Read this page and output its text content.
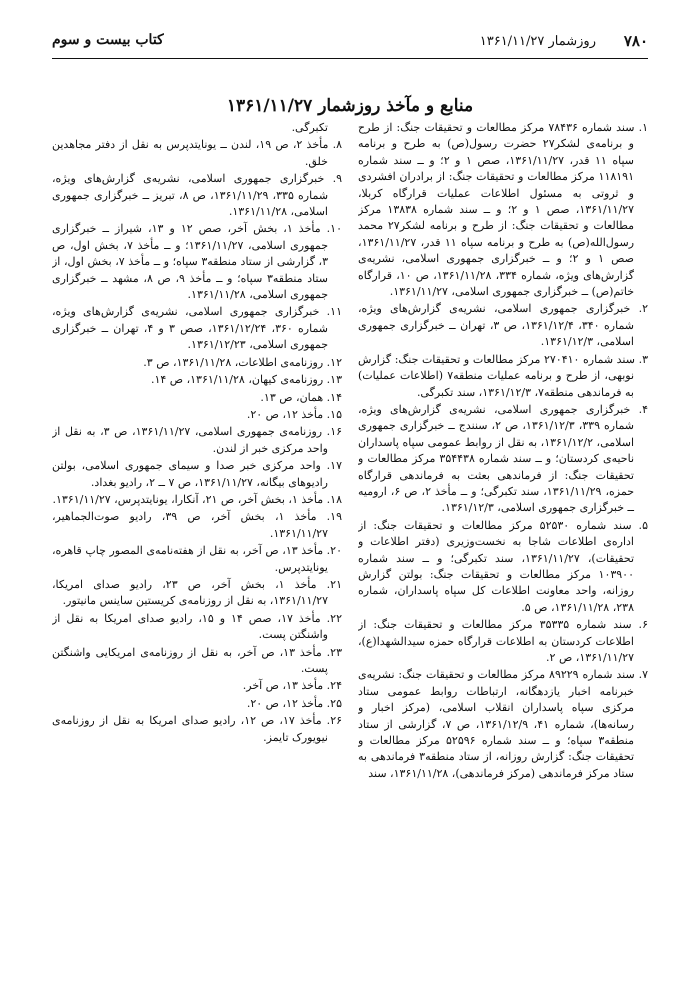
۷۸۰
روزشمار ۱۳۶۱/۱۱/۲۷
کتاب بیست و سوم
منابع و مآخذ روزشمار ۱۳۶۱/۱۱/۲۷

۱. سند شماره ۷۸۴۳۶ مرکز مطالعات و تحقیقات جنگ: از طرح و برنامه‌ی لشکر۲۷ حضرت رسول(ص) به طرح و برنامه سپاه ۱۱ قدر، ۱۳۶۱/۱۱/۲۷، صص ۱ و ۲؛ و ــ سند شماره ۱۱۸۱۹۱ مرکز مطالعات و تحقیقات جنگ: از برادران افشردی و ثروتی به مسئول اطلاعات عملیات قرارگاه کربلا، ۱۳۶۱/۱۱/۲۷، صص ۱ و ۲؛ و ــ سند شماره ۱۳۸۳۸ مرکز مطالعات و تحقیقات جنگ: از طرح و برنامه لشکر۲۷ محمد رسول‌الله(ص) به طرح و برنامه سپاه ۱۱ قدر، ۱۳۶۱/۱۱/۲۷، صص ۱ و ۲؛ و ــ خبرگزاری جمهوری اسلامی، نشریه‌ی گزارش‌های ویژه، شماره ۳۳۴، ۱۳۶۱/۱۱/۲۸، ص ۱۰، قرارگاه خاتم(ص) ــ خبرگزاری جمهوری اسلامی، ۱۳۶۱/۱۱/۲۷.

۲. خبرگزاری جمهوری اسلامی، نشریه‌ی گزارش‌های ویژه، شماره ۳۴۰، ۱۳۶۱/۱۲/۴، ص ۳، تهران ــ خبرگزاری جمهوری اسلامی، ۱۳۶۱/۱۲/۳.

۳. سند شماره ۲۷۰۴۱۰ مرکز مطالعات و تحقیقات جنگ: گزارش نوبهی، از طرح و برنامه عملیات منطقه۷ (اطلاعات عملیات) به فرماندهی منطقه۷، ۱۳۶۱/۱۲/۳، سند تکبرگی.

۴. خبرگزاری جمهوری اسلامی، نشریه‌ی گزارش‌های ویژه، شماره ۳۳۹، ۱۳۶۱/۱۲/۳، ص ۲، سنندج ــ خبرگزاری جمهوری اسلامی، ۱۳۶۱/۱۲/۲، به نقل از روابط عمومی سپاه پاسداران ناحیه‌ی کردستان؛ و ــ سند شماره ۳۵۴۴۳۸ مرکز مطالعات و تحقیقات جنگ: از فرماندهی بعثت به فرماندهی قرارگاه حمزه، ۱۳۶۱/۱۱/۲۹، سند تکبرگی؛ و ــ مأخذ ۲، ص ۶، ارومیه ــ خبرگزاری جمهوری اسلامی، ۱۳۶۱/۱۲/۳.

۵. سند شماره ۵۲۵۳۰ مرکز مطالعات و تحقیقات جنگ: از اداره‌ی اطلاعات شاجا به نخست‌وزیری (دفتر اطلاعات و تحقیقات)، ۱۳۶۱/۱۱/۲۷، سند تکبرگی؛ و ــ سند شماره ۱۰۳۹۰۰ مرکز مطالعات و تحقیقات جنگ: بولتن گزارش روزانه، واحد معاونت اطلاعات کل سپاه پاسداران، شماره ۲۳۸، ۱۳۶۱/۱۱/۲۸، ص ۵.

۶. سند شماره ۳۵۳۳۵ مرکز مطالعات و تحقیقات جنگ: از اطلاعات کردستان به اطلاعات قرارگاه حمزه سیدالشهدا(ع)، ۱۳۶۱/۱۱/۲۷، ص ۲.

۷. سند شماره ۸۹۲۲۹ مرکز مطالعات و تحقیقات جنگ: نشریه‌ی خبرنامه اخبار یازدهگانه، ارتباطات روابط عمومی ستاد مرکزی سپاه پاسداران انقلاب اسلامی، (مرکز اخبار و رسانه‌ها)، شماره ۴۱، ۱۳۶۱/۱۲/۹، ص ۷، گزارشی از ستاد منطقه۳ سپاه؛ و ــ سند شماره ۵۲۵۹۶ مرکز مطالعات و تحقیقات جنگ: گزارش روزانه، از ستاد منطقه۳ فرماندهی به ستاد مرکز فرماندهی (مرکز فرماندهی)، ۱۳۶۱/۱۱/۲۸، سند

تکبرگی.

۸. مأخذ ۲، ص ۱۹، لندن ــ یونایتدپرس به نقل از دفتر مجاهدین خلق.

۹. خبرگزاری جمهوری اسلامی، نشریه‌ی گزارش‌های ویژه، شماره ۳۳۵، ۱۳۶۱/۱۱/۲۹، ص ۸، تبریز ــ خبرگزاری جمهوری اسلامی، ۱۳۶۱/۱۱/۲۸.

۱۰. مأخذ ۱، بخش آخر، صص ۱۲ و ۱۳، شیراز ــ خبرگزاری جمهوری اسلامی، ۱۳۶۱/۱۱/۲۷؛ و ــ مأخذ ۷، بخش اول، ص ۳، گزارشی از ستاد منطقه۳ سپاه؛ و ــ مأخذ ۷، بخش اول، از ستاد منطقه۳ سپاه؛ و ــ مأخذ ۹، ص ۸، مشهد ــ خبرگزاری جمهوری اسلامی، ۱۳۶۱/۱۱/۲۸.

۱۱. خبرگزاری جمهوری اسلامی، نشریه‌ی گزارش‌های ویژه، شماره ۳۶۰، ۱۳۶۱/۱۲/۲۴، صص ۳ و ۴، تهران ــ خبرگزاری جمهوری اسلامی، ۱۳۶۱/۱۲/۲۳.

۱۲. روزنامه‌ی اطلاعات، ۱۳۶۱/۱۱/۲۸، ص ۳.

۱۳. روزنامه‌ی کیهان، ۱۳۶۱/۱۱/۲۸، ص ۱۴.

۱۴. همان، ص ۱۳.

۱۵. مأخذ ۱۲، ص ۲۰.

۱۶. روزنامه‌ی جمهوری اسلامی، ۱۳۶۱/۱۱/۲۷، ص ۳، به نقل از واحد مرکزی خبر از لندن.

۱۷. واحد مرکزی خبر صدا و سیمای جمهوری اسلامی، بولتن رادیوهای بیگانه، ۱۳۶۱/۱۱/۲۷، ص ۷ ــ ۲، رادیو بغداد.

۱۸. مأخذ ۱، بخش آخر، ص ۲۱، آنکارا، یونایتدپرس، ۱۳۶۱/۱۱/۲۷.

۱۹. مأخذ ۱، بخش آخر، ص ۳۹، رادیو صوت‌الجماهیر، ۱۳۶۱/۱۱/۲۷.

۲۰. مأخذ ۱۳، ص آخر، به نقل از هفته‌نامه‌ی المصور چاپ قاهره، یونایتدپرس.

۲۱. مأخذ ۱، بخش آخر، ص ۲۳، رادیو صدای امریکا، ۱۳۶۱/۱۱/۲۷، به نقل از روزنامه‌ی کریستین ساینس مانیتور.

۲۲. مأخذ ۱۷، صص ۱۴ و ۱۵، رادیو صدای امریکا به نقل از واشنگتن پست.

۲۳. مأخذ ۱۳، ص آخر، به نقل از روزنامه‌ی امریکایی واشنگتن پست.

۲۴. مأخذ ۱۳، ص آخر.

۲۵. مأخذ ۱۲، ص ۲۰.

۲۶. مأخذ ۱۷، ص ۱۲، رادیو صدای امریکا به نقل از روزنامه‌ی نیویورک تایمز.
